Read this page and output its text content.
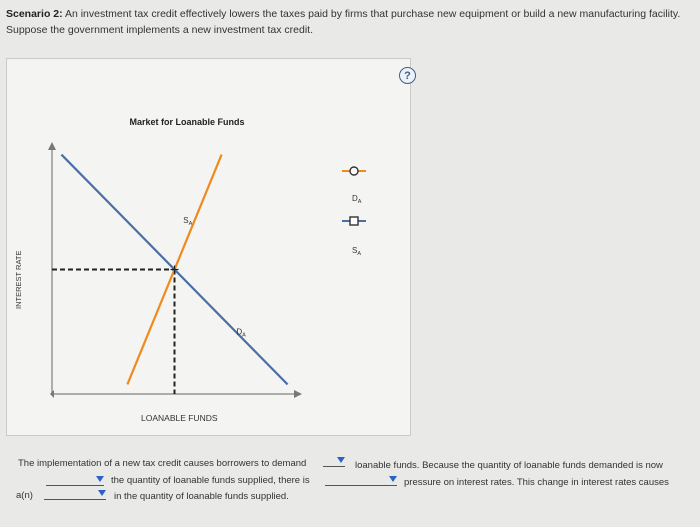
Scenario 2: An investment tax credit effectively lowers the taxes paid by firms that purchase new equipment or build a new manufacturing facility.
Suppose the government implements a new investment tax credit.
?
Market for Loanable Funds
$S_A$
$D_A$
LOANABLE FUNDS
INTEREST RATE
$D_A$
$S_A$
The implementation of a new tax credit causes borrowers to demand	loanable funds. Because the quantity of loanable funds demanded is now
the quantity of loanable funds supplied, there is	pressure on interest rates. This change in interest rates causes
a(n)	in the quantity of loanable funds supplied.
